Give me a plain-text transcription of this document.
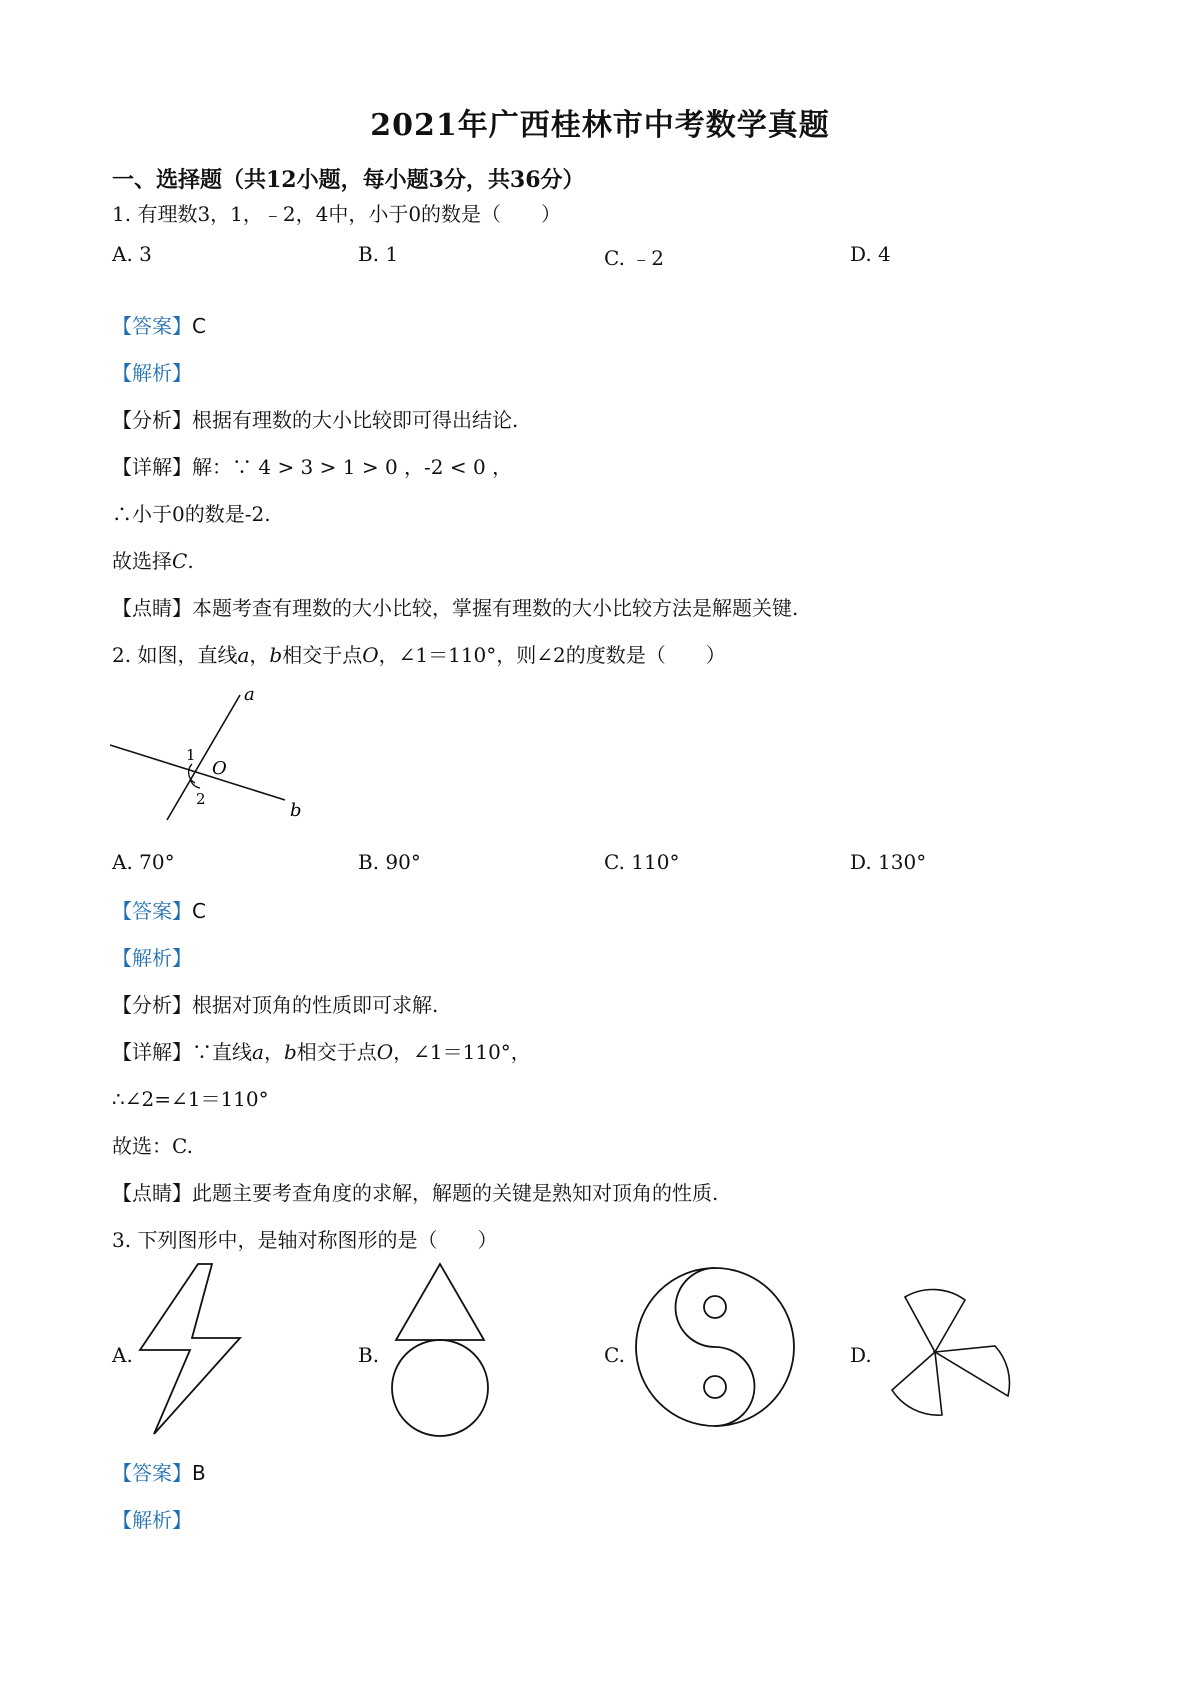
2021年广西桂林市中考数学真题
一、选择题（共12小题，每小题3分，共36分）
1. 有理数3，1，﹣2，4中，小于0的数是（　　）
A. 3	B. 1	C. ﹣2	D. 4
【答案】C
【解析】
【分析】根据有理数的大小比较即可得出结论.
【详解】解：∵ 4 > 3 > 1 > 0 ，-2 < 0 ，
∴小于0的数是-2.
故选择C.
【点睛】本题考查有理数的大小比较，掌握有理数的大小比较方法是解题关键.
2. 如图，直线a，b相交于点O，∠1＝110°，则∠2的度数是（　　）
a
b
O
1
2
A. 70°	B. 90°	C. 110°	D. 130°
【答案】C
【解析】
【分析】根据对顶角的性质即可求解.
【详解】∵直线a，b相交于点O，∠1＝110°，
∴∠2=∠1＝110°
故选：C.
【点睛】此题主要考查角度的求解，解题的关键是熟知对顶角的性质.
3. 下列图形中，是轴对称图形的是（　　）
A.	B.	C.	D.
【答案】B
【解析】
